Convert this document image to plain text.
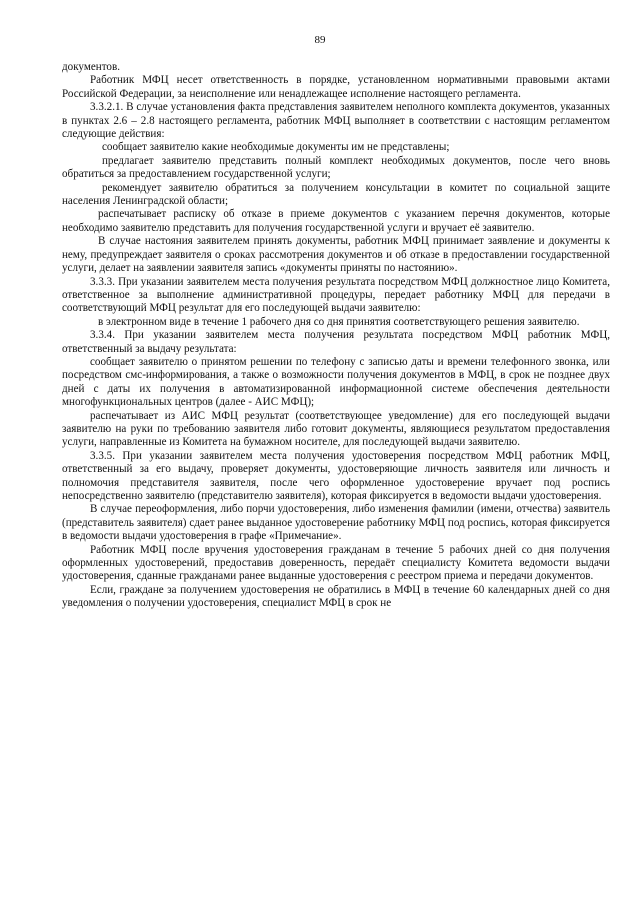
89

документов.

Работник МФЦ несет ответственность в порядке, установленном нормативными правовыми актами Российской Федерации, за неисполнение или ненадлежащее исполнение настоящего регламента.

3.3.2.1. В случае установления факта представления заявителем неполного комплекта документов, указанных в пунктах 2.6 – 2.8 настоящего регламента, работник МФЦ выполняет в соответствии с настоящим регламентом следующие действия:

сообщает заявителю какие необходимые документы им не представлены;

предлагает заявителю представить полный комплект необходимых документов, после чего вновь обратиться за предоставлением государственной услуги;

рекомендует заявителю обратиться за получением консультации в комитет по социальной защите населения Ленинградской области;

распечатывает расписку об отказе в приеме документов с указанием перечня документов, которые необходимо заявителю представить для получения государственной услуги и вручает её заявителю.

В случае настояния заявителем принять документы, работник МФЦ принимает заявление и документы к нему, предупреждает заявителя о сроках рассмотрения документов и об отказе в предоставлении государственной услуги, делает на заявлении заявителя запись «документы приняты по настоянию».

3.3.3. При указании заявителем места получения результата посредством МФЦ должностное лицо Комитета, ответственное за выполнение административной процедуры, передает работнику МФЦ для передачи в соответствующий МФЦ результат для его последующей выдачи заявителю:

в электронном виде в течение 1 рабочего дня со дня принятия соответствующего решения заявителю.

3.3.4. При указании заявителем места получения результата посредством МФЦ работник МФЦ, ответственный за выдачу результата:

сообщает заявителю о принятом решении по телефону с записью даты и времени телефонного звонка, или посредством смс-информирования, а также о возможности получения документов в МФЦ, в срок не позднее двух дней с даты их получения в автоматизированной информационной системе обеспечения деятельности многофункциональных центров (далее - АИС МФЦ);

распечатывает из АИС МФЦ результат (соответствующее уведомление) для его последующей выдачи заявителю на руки по требованию заявителя либо готовит документы, являющиеся результатом предоставления услуги, направленные из Комитета на бумажном носителе, для последующей выдачи заявителю.

3.3.5. При указании заявителем места получения удостоверения посредством МФЦ работник МФЦ, ответственный за его выдачу, проверяет документы, удостоверяющие личность заявителя или личность и полномочия представителя заявителя, после чего оформленное удостоверение вручает под роспись непосредственно заявителю (представителю заявителя), которая фиксируется в ведомости выдачи удостоверения.

В случае переоформления, либо порчи удостоверения, либо изменения фамилии (имени, отчества) заявитель (представитель заявителя) сдает ранее выданное удостоверение работнику МФЦ под роспись, которая фиксируется в ведомости выдачи удостоверения в графе «Примечание».

Работник МФЦ после вручения удостоверения гражданам в течение 5 рабочих дней со дня получения оформленных удостоверений, предоставив доверенность, передаёт специалисту Комитета ведомости выдачи удостоверения, сданные гражданами ранее выданные удостоверения с реестром приема и передачи документов.

Если, граждане за получением удостоверения не обратились в МФЦ в течение 60 календарных дней со дня уведомления о получении удостоверения, специалист МФЦ в срок не
